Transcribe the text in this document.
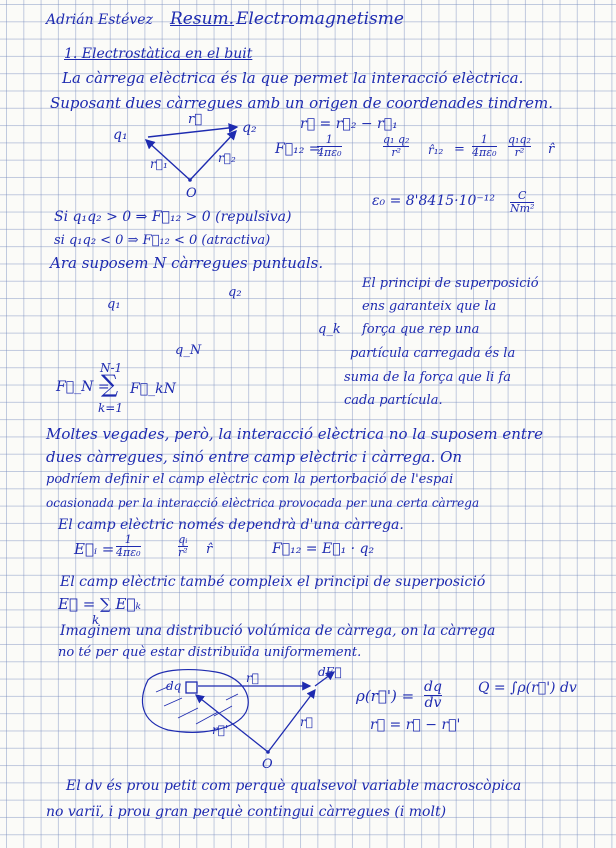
Adrián Estévez Resum. Electromagnetisme
1. Electrostàtica en el buit
La càrrega elèctrica és la que permet la interacció elèctrica.
Suposant dues càrregues amb un origen de coordenades tindrem.
q₁	q₂
r⃗
r⃗₁	r⃗₂
O
r⃗ = r⃗₂ − r⃗₁
F⃗₁₂ =
1
4πε₀
q₁ q₂
r² r̂₁₂ =
1
4πε₀
q₁q₂
r² r̂
ε₀ = 8'8415·10⁻¹² C
Nm²
Si q₁q₂ > 0 ⇒ F⃗₁₂ > 0 (repulsiva)
si q₁q₂ < 0 ⇒ F⃗₁₂ < 0 (atractiva)
Ara suposem N càrregues puntuals.
q₁
q₂
q_k
q_N
El principi de superposició
ens garanteix que la
força que rep una
partícula carregada és la
suma de la força que li fa
cada partícula.
F⃗_N =
N-1
∑
k=1
F⃗_kN
Moltes vegades, però, la interacció elèctrica no la suposem entre
dues càrregues, sinó entre camp elèctric i càrrega. On
podríem definir el camp elèctric com la pertorbació de l'espai
ocasionada per la interacció elèctrica provocada per una certa càrrega
El camp elèctric només dependrà d'una càrrega.
E⃗ᵢ =
1
4πε₀
qᵢ
r² r̂	F⃗₁₂ = E⃗₁ · q₂
El camp elèctric també compleix el principi de superposició
E⃗ = ∑ E⃗ₖ
k
Imaginem una distribució volúmica de càrrega, on la càrrega
no té per què estar distribuïda uniformement.
dq
r⃗	dE⃗
r⃗'
r⃗
O
ρ(r⃗') = dq
dv
Q = ∫ρ(r⃗') dv
r⃗ = r⃗ − r⃗'
El dv és prou petit com perquè qualsevol variable macroscòpica
no variï, i prou gran perquè contingui càrregues (i molt)
